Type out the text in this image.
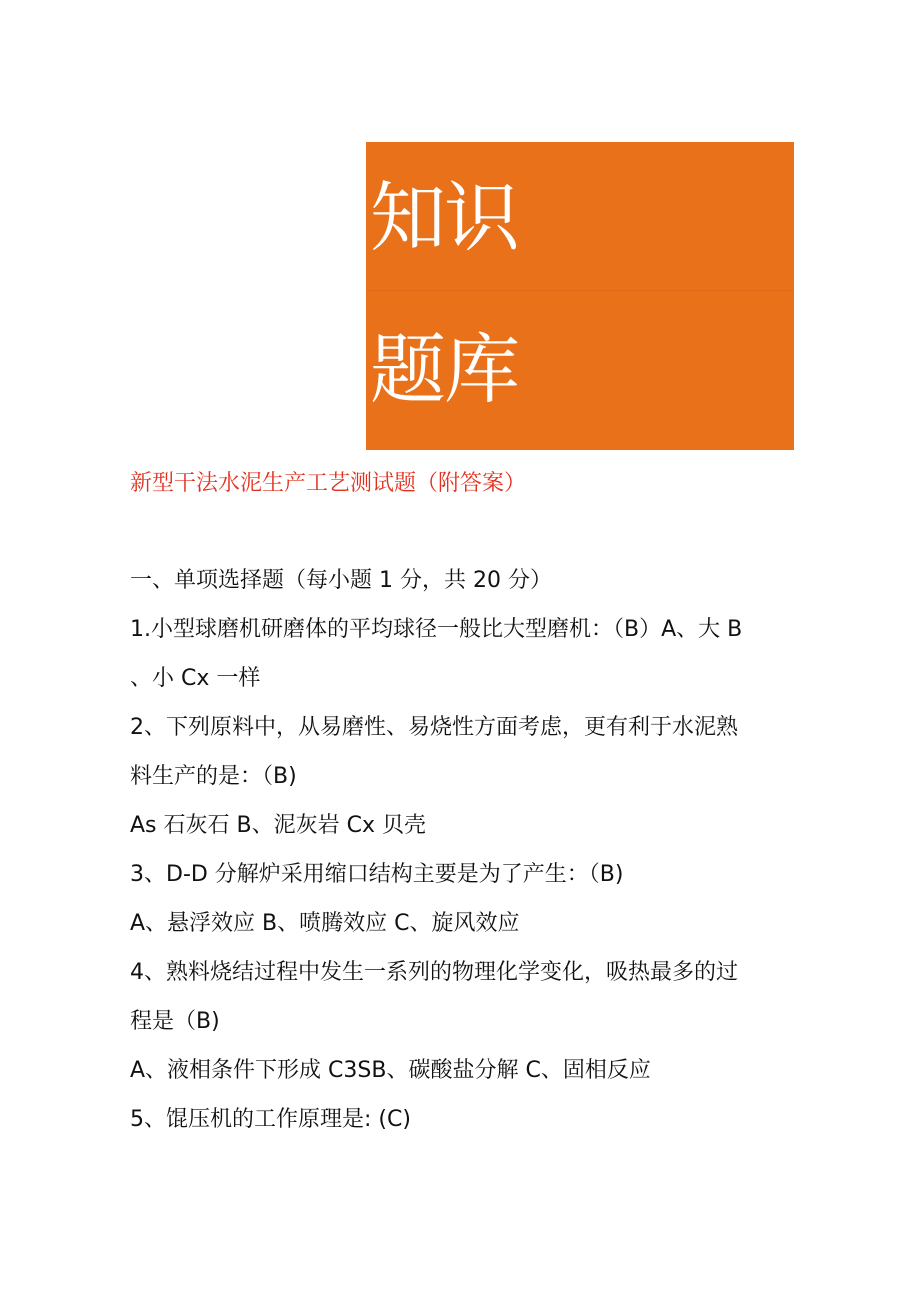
知识
题库
新型干法水泥生产工艺测试题（附答案）
一、单项选择题（每小题 1 分，共 20 分）
1.小型球磨机研磨体的平均球径一般比大型磨机：（B）A、大 B
、小 Cx 一样
2、下列原料中，从易磨性、易烧性方面考虑，更有利于水泥熟
料生产的是：（B)
As 石灰石 B、泥灰岩 Cx 贝壳
3、D-D 分解炉采用缩口结构主要是为了产生：（B)
A、悬浮效应 B、喷腾效应 C、旋风效应
4、熟料烧结过程中发生一系列的物理化学变化，吸热最多的过
程是（B)
A、液相条件下形成 C3SB、碳酸盐分解 C、固相反应
5、馄压机的工作原理是: (C)
